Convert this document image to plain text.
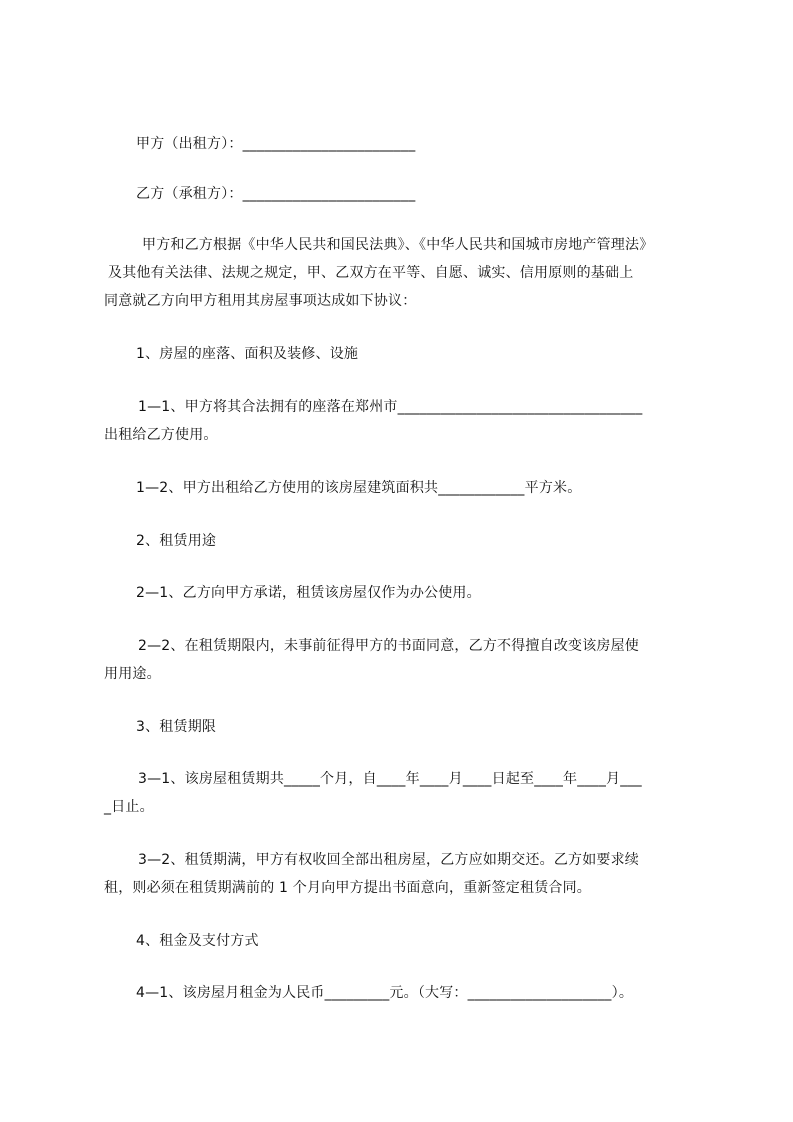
甲方（出租方）：________________________
乙方（承租方）：________________________
甲方和乙方根据《中华人民共和国民法典》、《中华人民共和国城市房地产管理法》
及其他有关法律、法规之规定，甲、乙双方在平等、自愿、诚实、信用原则的基础上
同意就乙方向甲方租用其房屋事项达成如下协议：
1、房屋的座落、面积及装修、设施
1—1、甲方将其合法拥有的座落在郑州市__________________________________
出租给乙方使用。
1—2、甲方出租给乙方使用的该房屋建筑面积共____________平方米。
2、租赁用途
2—1、乙方向甲方承诺，租赁该房屋仅作为办公使用。
2—2、在租赁期限内，未事前征得甲方的书面同意，乙方不得擅自改变该房屋使
用用途。
3、租赁期限
3—1、该房屋租赁期共_____个月，自____年____月____日起至____年____月___
_日止。
3—2、租赁期满，甲方有权收回全部出租房屋，乙方应如期交还。乙方如要求续
租，则必须在租赁期满前的 1 个月向甲方提出书面意向，重新签定租赁合同。
4、租金及支付方式
4—1、该房屋月租金为人民币_________元。（大写：____________________）。
